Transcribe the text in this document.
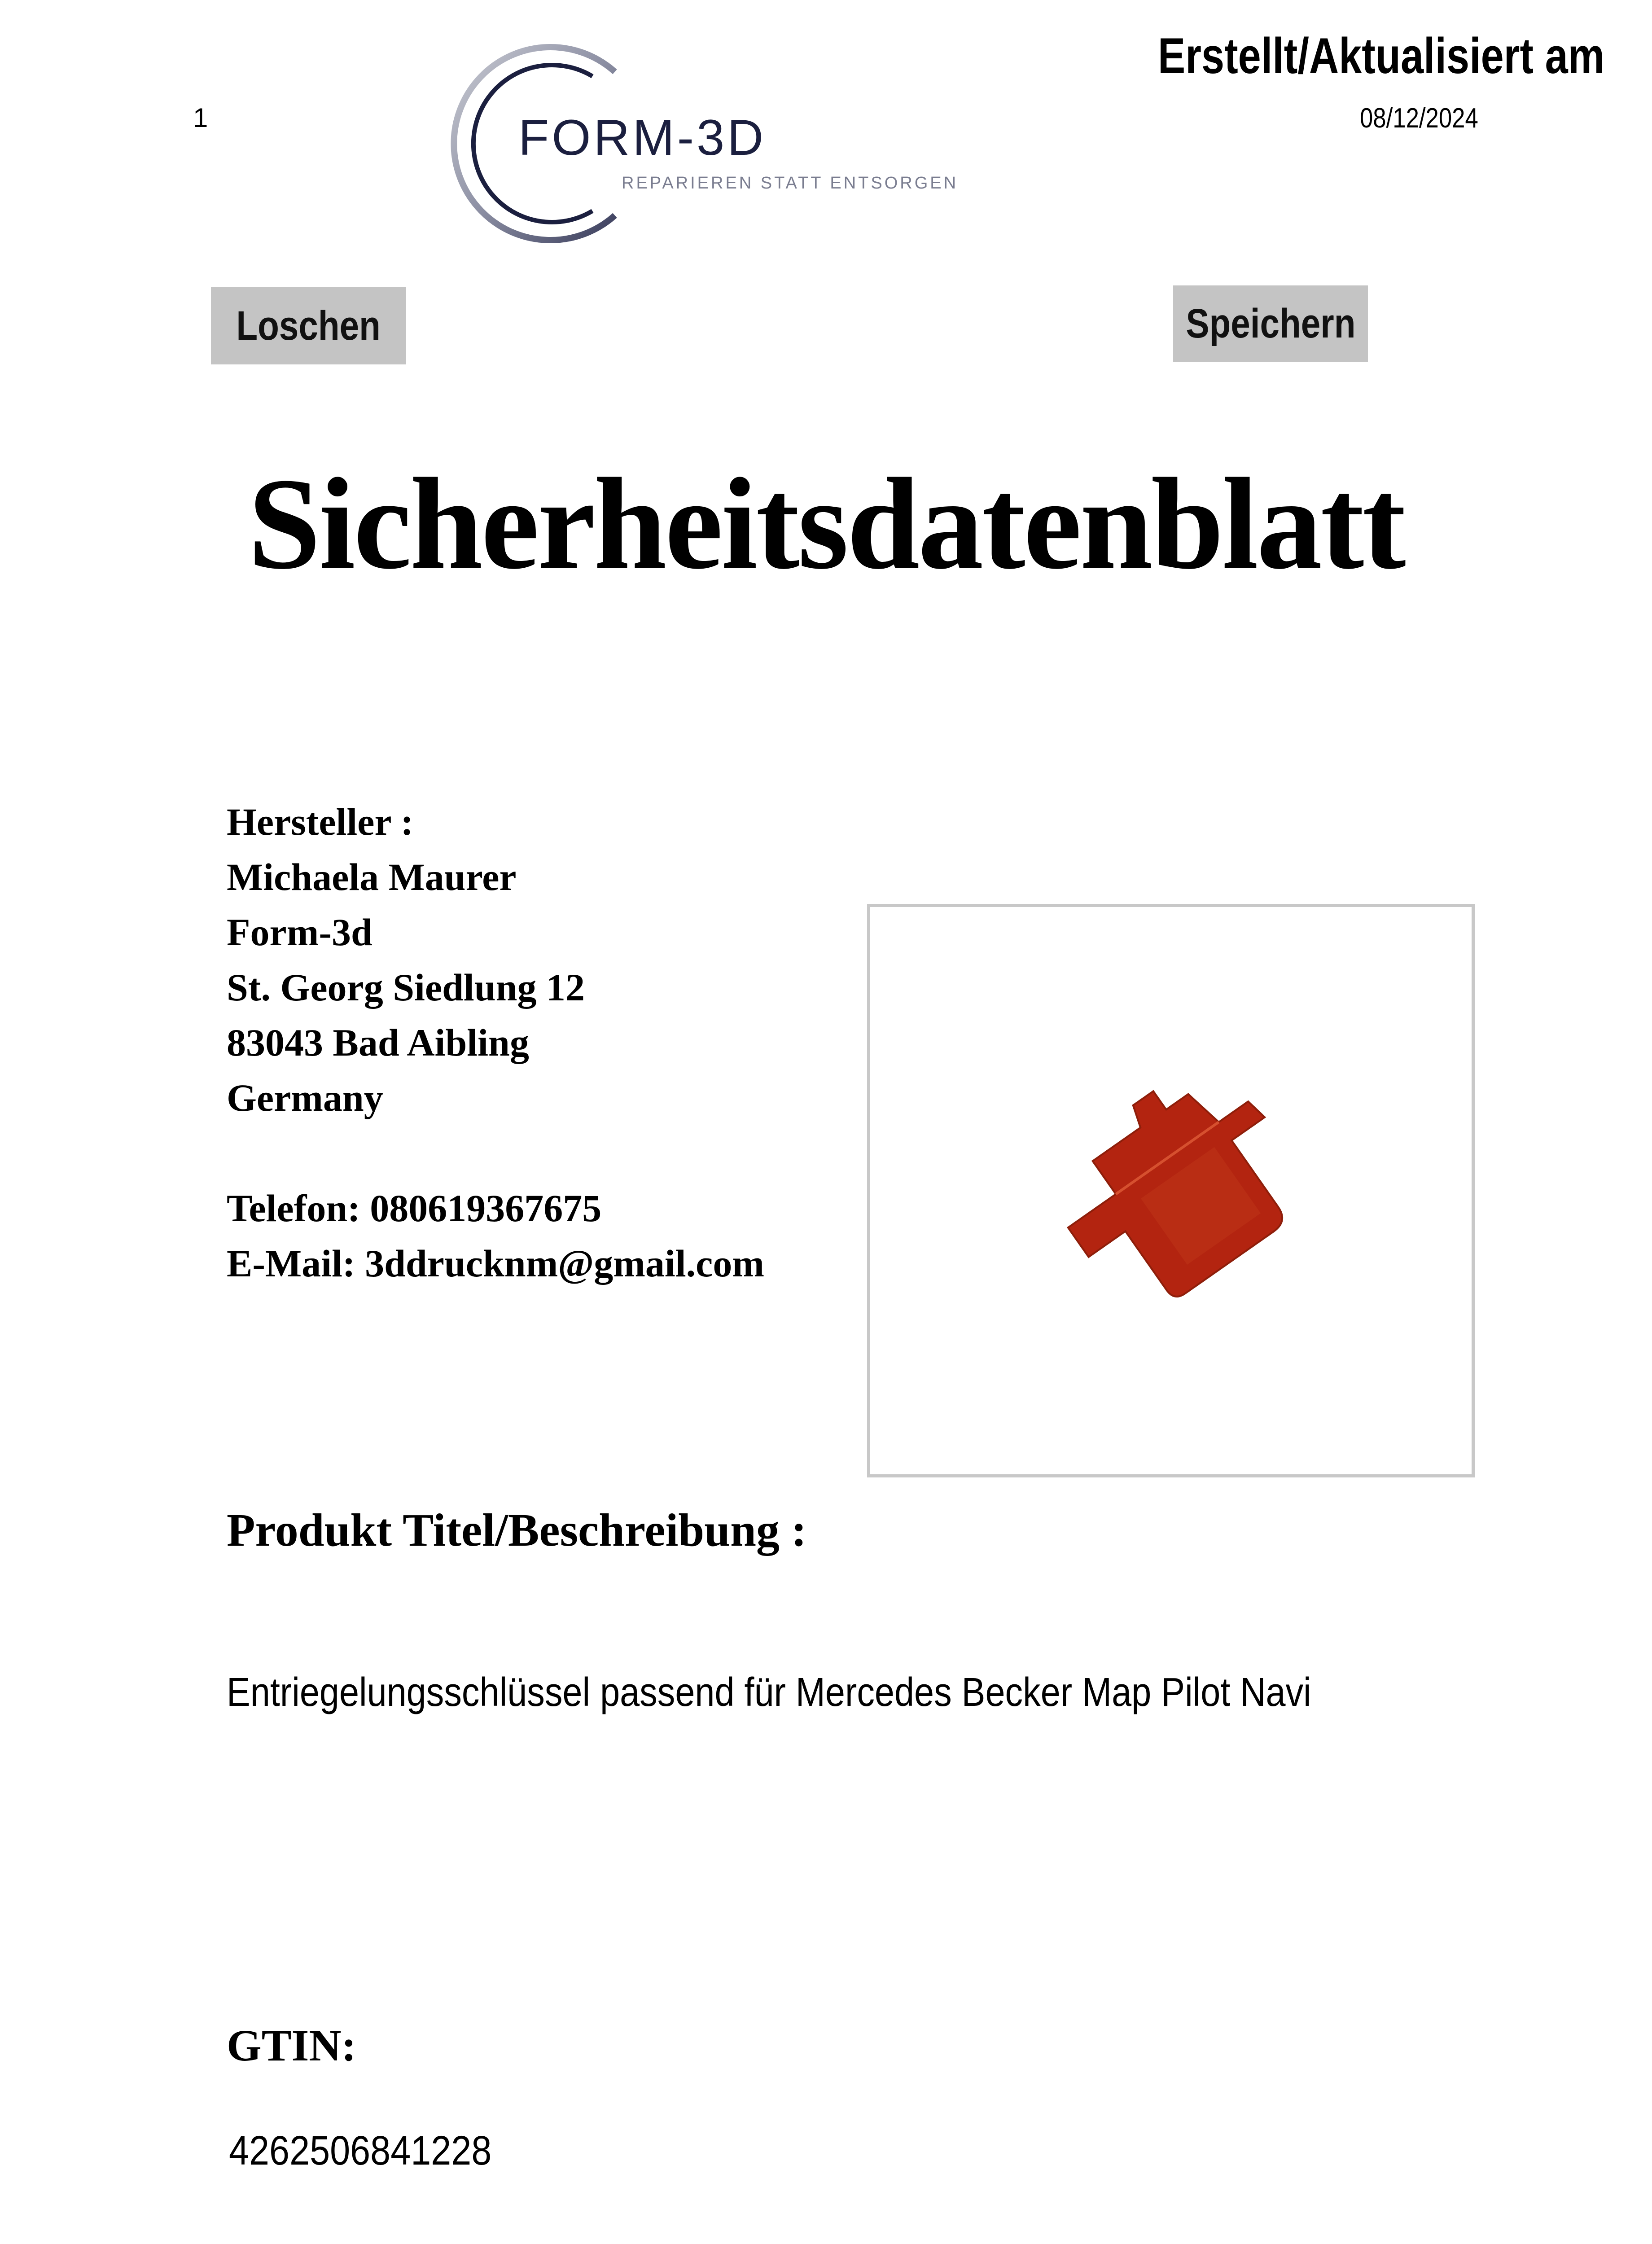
1	FORM-3D
REPARIEREN STATT ENTSORGEN
Erstellt/Aktualisiert am
08/12/2024
Loschen	Speichern
Sicherheitsdatenblatt
Hersteller :
Michaela Maurer
Form-3d
St. Georg Siedlung 12
83043 Bad Aibling
Germany
Telefon: 080619367675
E-Mail: 3ddrucknm@gmail.com
Produkt Titel/Beschreibung :
Entriegelungsschlüssel passend für Mercedes Becker Map Pilot Navi
GTIN:
4262506841228
